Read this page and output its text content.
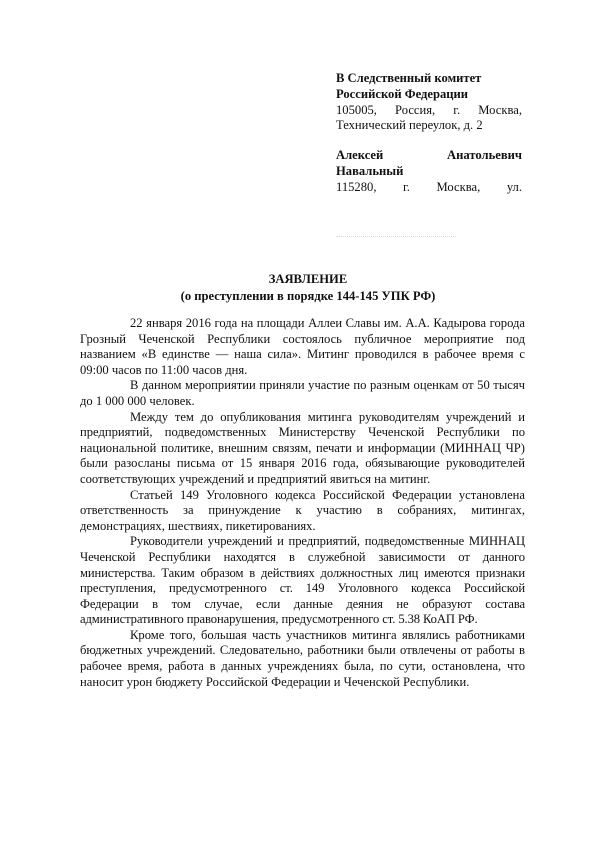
В Следственный комитет
Российской Федерации
105005, Россия, г. Москва,
Технический переулок, д. 2
Алексей Анатольевич
Навальный
115280, г. Москва, ул.
ЗАЯВЛЕНИЕ
(о преступлении в порядке 144-145 УПК РФ)

22 января 2016 года на площади Аллеи Славы им. А.А. Кадырова города Грозный Чеченской Республики состоялось публичное мероприятие под названием «В единстве — наша сила». Митинг проводился в рабочее время с 09:00 часов по 11:00 часов дня.

В данном мероприятии приняли участие по разным оценкам от 50 тысяч до 1 000 000 человек.

Между тем до опубликования митинга руководителям учреждений и предприятий, подведомственных Министерству Чеченской Республики по национальной политике, внешним связям, печати и информации (МИННАЦ ЧР) были разосланы письма от 15 января 2016 года, обязывающие руководителей соответствующих учреждений и предприятий явиться на митинг.

Статьей 149 Уголовного кодекса Российской Федерации установлена ответственность за принуждение к участию в собраниях, митингах, демонстрациях, шествиях, пикетированиях.

Руководители учреждений и предприятий, подведомственные МИННАЦ Чеченской Республики находятся в служебной зависимости от данного министерства. Таким образом в действиях должностных лиц имеются признаки преступления, предусмотренного ст. 149 Уголовного кодекса Российской Федерации в том случае, если данные деяния не образуют состава административного правонарушения, предусмотренного ст. 5.38 КоАП РФ.

Кроме того, большая часть участников митинга являлись работниками бюджетных учреждений. Следовательно, работники были отвлечены от работы в рабочее время, работа в данных учреждениях была, по сути, остановлена, что наносит урон бюджету Российской Федерации и Чеченской Республики.
